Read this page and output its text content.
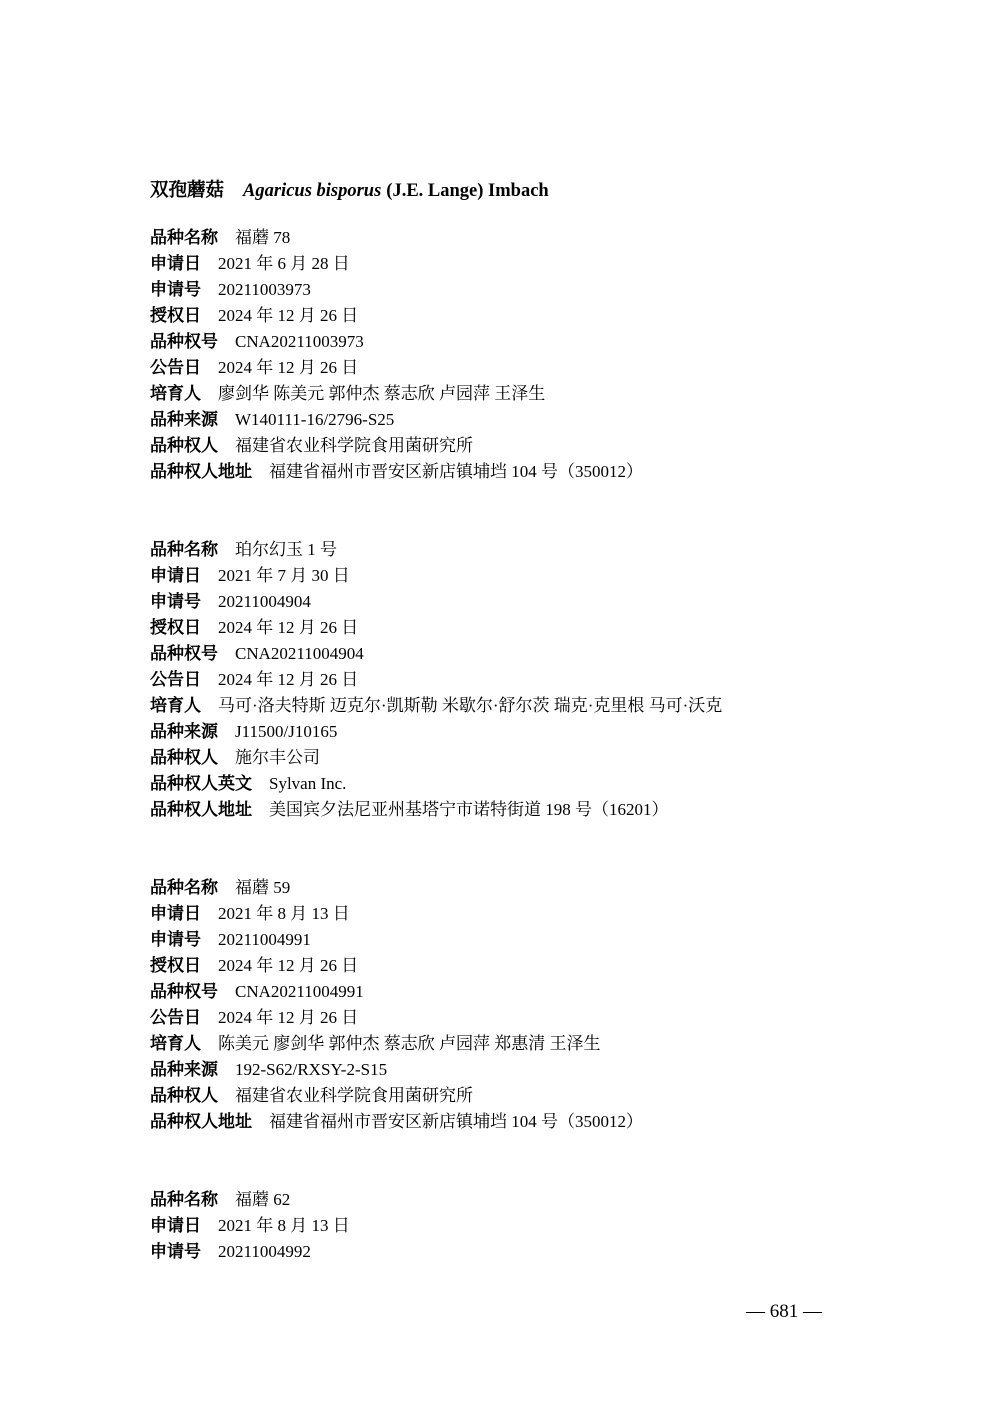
双孢蘑菇 Agaricus bisporus (J.E. Lange) Imbach
品种名称 福蘑 78
申请日 2021 年 6 月 28 日
申请号 20211003973
授权日 2024 年 12 月 26 日
品种权号 CNA20211003973
公告日 2024 年 12 月 26 日
培育人 廖剑华 陈美元 郭仲杰 蔡志欣 卢园萍 王泽生
品种来源 W140111-16/2796-S25
品种权人 福建省农业科学院食用菌研究所
品种权人地址 福建省福州市晋安区新店镇埔垱 104 号（350012）
品种名称 珀尔幻玉 1 号
申请日 2021 年 7 月 30 日
申请号 20211004904
授权日 2024 年 12 月 26 日
品种权号 CNA20211004904
公告日 2024 年 12 月 26 日
培育人 马可·洛夫特斯 迈克尔·凯斯勒 米歇尔·舒尔茨 瑞克·克里根 马可·沃克
品种来源 J11500/J10165
品种权人 施尔丰公司
品种权人英文 Sylvan Inc.
品种权人地址 美国宾夕法尼亚州基塔宁市诺特街道 198 号（16201）
品种名称 福蘑 59
申请日 2021 年 8 月 13 日
申请号 20211004991
授权日 2024 年 12 月 26 日
品种权号 CNA20211004991
公告日 2024 年 12 月 26 日
培育人 陈美元 廖剑华 郭仲杰 蔡志欣 卢园萍 郑惠清 王泽生
品种来源 192-S62/RXSY-2-S15
品种权人 福建省农业科学院食用菌研究所
品种权人地址 福建省福州市晋安区新店镇埔垱 104 号（350012）
品种名称 福蘑 62
申请日 2021 年 8 月 13 日
申请号 20211004992
— 681 —
